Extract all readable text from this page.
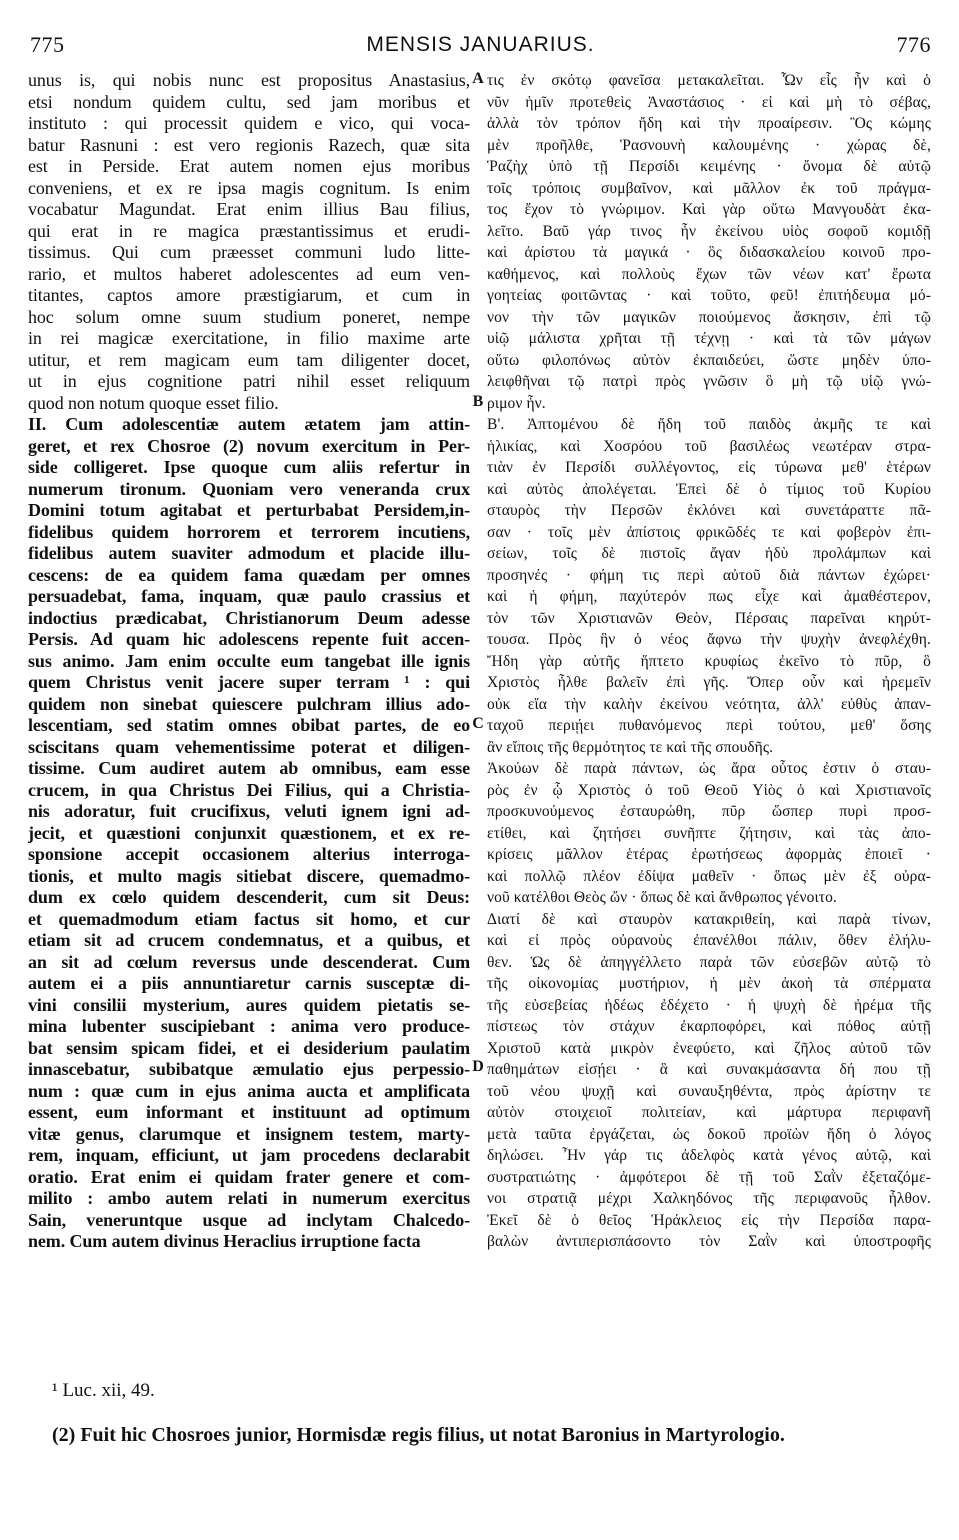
775	MENSIS JANUARIUS.	776
unus is, qui nobis nunc est propositus Anastasius,
etsi nondum quidem cultu, sed jam moribus et
instituto : qui processit quidem e vico, qui voca-
batur Rasnuni : est vero regionis Razech, quæ sita
est in Perside. Erat autem nomen ejus moribus
conveniens, et ex re ipsa magis cognitum. Is enim
vocabatur Magundat. Erat enim illius Bau filius,
qui erat in re magica præstantissimus et erudi-
tissimus. Qui cum præesset communi ludo litte-
rario, et multos haberet adolescentes ad eum ven-
titantes, captos amore præstigiarum, et cum in
hoc solum omne suum studium poneret, nempe
in rei magicæ exercitatione, in filio maxime arte
utitur, et rem magicam eum tam diligenter docet,
ut in ejus cognitione patri nihil esset reliquum
quod non notum quoque esset filio.
II. Cum adolescentiæ autem ætatem jam attin-
geret, et rex Chosroe (2) novum exercitum in Per-
side colligeret. Ipse quoque cum aliis refertur in
numerum tironum. Quoniam vero veneranda crux
Domini totum agitabat et perturbabat Persidem,in-
fidelibus quidem horrorem et terrorem incutiens,
fidelibus autem suaviter admodum et placide illu-
cescens: de ea quidem fama quædam per omnes
persuadebat, fama, inquam, quæ paulo crassius et
indoctius prædicabat, Christianorum Deum adesse
Persis. Ad quam hic adolescens repente fuit accen-
sus animo. Jam enim occulte eum tangebat ille ignis
quem Christus venit jacere super terram ¹ : qui
quidem non sinebat quiescere pulchram illius ado-
lescentiam, sed statim omnes obibat partes, de eo
sciscitans quam vehementissime poterat et diligen-
tissime. Cum audiret autem ab omnibus, eam esse
crucem, in qua Christus Dei Filius, qui a Christia-
nis adoratur, fuit crucifixus, veluti ignem igni ad-
jecit, et quæstioni conjunxit quæstionem, et ex re-
sponsione accepit occasionem alterius interroga-
tionis, et multo magis sitiebat discere, quemadmo-
dum ex cœlo quidem descenderit, cum sit Deus:
et quemadmodum etiam factus sit homo, et cur
etiam sit ad crucem condemnatus, et a quibus, et
an sit ad cœlum reversus unde descenderat. Cum
autem ei a piis annuntiaretur carnis susceptæ di-
vini consilii mysterium, aures quidem pietatis se-
mina lubenter suscipiebant : anima vero produce-
bat sensim spicam fidei, et ei desiderium paulatim
innascebatur, subibatque æmulatio ejus perpessio-
num : quæ cum in ejus anima aucta et amplificata
essent, eum informant et instituunt ad optimum
vitæ genus, clarumque et insignem testem, marty-
rem, inquam, efficiunt, ut jam procedens declarabit
oratio. Erat enim ei quidam frater genere et com-
milito : ambo autem relati in numerum exercitus
Sain, veneruntque usque ad inclytam Chalcedo-
nem. Cum autem divinus Heraclius irruptione facta
τις ἐν σκότῳ φανεῖσα μετακαλεῖται. Ὧν εἷς ἦν καὶ ὁ
νῦν ἡμῖν προτεθεὶς Ἀναστάσιος · εἰ καὶ μὴ τὸ σέβας,
ἀλλὰ τὸν τρόπον ἤδη καὶ τὴν προαίρεσιν. Ὃς κώμης
μὲν προῆλθε, Ῥασνουνὴ καλουμένης · χώρας δὲ,
Ῥαζὴχ ὑπὸ τῇ Περσίδι κειμένης · ὄνομα δὲ αὐτῷ
τοῖς τρόποις συμβαῖνον, καὶ μᾶλλον ἐκ τοῦ πράγμα-
τος ἔχον τὸ γνώριμον. Καὶ γὰρ οὕτω Μανγουδὰτ ἐκα-
λεῖτο. Βαῦ γάρ τινος ἦν ἐκείνου υἱὸς σοφοῦ κομιδῇ
καὶ ἀρίστου τὰ μαγικά · ὃς διδασκαλείου κοινοῦ προ-
καθήμενος, καὶ πολλοὺς ἔχων τῶν νέων κατ' ἔρωτα
γοητείας φοιτῶντας · καὶ τοῦτο, φεῦ! ἐπιτήδευμα μό-
νον τὴν τῶν μαγικῶν ποιούμενος ἄσκησιν, ἐπὶ τῷ
υἱῷ μάλιστα χρῆται τῇ τέχνῃ · καὶ τὰ τῶν μάγων
οὕτω φιλοπόνως αὐτὸν ἐκπαιδεύει, ὥστε μηδὲν ὑπο-
λειφθῆναι τῷ πατρὶ πρὸς γνῶσιν ὃ μὴ τῷ υἱῷ γνώ-
ριμον ἦν.
Β'. Ἀπτομένου δὲ ἤδη τοῦ παιδὸς ἀκμῆς τε καὶ
ἡλικίας, καὶ Χοσρόου τοῦ βασιλέως νεωτέραν στρα-
τιὰν ἐν Περσίδι συλλέγοντος, εἰς τύρωνα μεθ' ἑτέρων
καὶ αὐτὸς ἀπολέγεται. Ἐπεὶ δὲ ὁ τίμιος τοῦ Κυρίου
σταυρὸς τὴν Περσῶν ἐκλόνει καὶ συνετάραττε πᾶ-
σαν · τοῖς μὲν ἀπίστοις φρικῶδές τε καὶ φοβερὸν ἐπι-
σείων, τοῖς δὲ πιστοῖς ἄγαν ἡδὺ προλάμπων καὶ
προσηνές · φήμη τις περὶ αὐτοῦ διὰ πάντων ἐχώρει·
καὶ ἡ φήμη, παχύτερόν πως εἶχε καὶ ἀμαθέστερον,
τὸν τῶν Χριστιανῶν Θεὸν, Πέρσαις παρεῖναι κηρύτ-
τουσα. Πρὸς ἣν ὁ νέος ἄφνω τὴν ψυχὴν ἀνεφλέχθη.
Ἤδη γὰρ αὐτῆς ἥπτετο κρυφίως ἐκεῖνο τὸ πῦρ, ὃ
Χριστὸς ἦλθε βαλεῖν ἐπὶ γῆς. Ὅπερ οὖν καὶ ἠρεμεῖν
οὐκ εἴα τὴν καλὴν ἐκείνου νεότητα, ἀλλ' εὐθὺς ἀπαν-
ταχοῦ περιῄει πυθανόμενος περὶ τούτου, μεθ' ὅσης
ἂν εἴποις τῆς θερμότητος τε καὶ τῆς σπουδῆς.
Ἀκούων δὲ παρὰ πάντων, ὡς ἄρα οὗτος ἐστιν ὁ σταυ-
ρὸς ἐν ᾧ Χριστὸς ὁ τοῦ Θεοῦ Υἱὸς ὁ καὶ Χριστιανοῖς
προσκυνούμενος ἐσταυρώθη, πῦρ ὥσπερ πυρὶ προσ-
ετίθει, καὶ ζητήσει συνῆπτε ζήτησιν, καὶ τὰς ἀπο-
κρίσεις μᾶλλον ἑτέρας ἐρωτήσεως ἀφορμὰς ἐποιεῖ ·
καὶ πολλῷ πλέον ἐδίψα μαθεῖν · ὅπως μὲν ἐξ οὐρα-
νοῦ κατέλθοι Θεὸς ὤν · ὅπως δὲ καὶ ἄνθρωπος γένοιτο.
Διατί δὲ καὶ σταυρὸν κατακριθείη, καὶ παρὰ τίνων,
καὶ εἰ πρὸς οὐρανοὺς ἐπανέλθοι πάλιν, ὅθεν ἐλήλυ-
θεν. Ὡς δὲ ἀπηγγέλλετο παρὰ τῶν εὐσεβῶν αὐτῷ τὸ
τῆς οἰκονομίας μυστήριον, ἡ μὲν ἀκοὴ τὰ σπέρματα
τῆς εὐσεβείας ἡδέως ἐδέχετο · ἡ ψυχὴ δὲ ἠρέμα τῆς
πίστεως τὸν στάχυν ἐκαρποφόρει, καὶ πόθος αὐτῇ
Χριστοῦ κατὰ μικρὸν ἐνεφύετο, καὶ ζῆλος αὐτοῦ τῶν
παθημάτων εἰσῄει · ἃ καὶ συνακμάσαντα δή που τῇ
τοῦ νέου ψυχῇ καὶ συναυξηθέντα, πρὸς ἀρίστην τε
αὐτὸν στοιχειοῖ πολιτείαν, καὶ μάρτυρα περιφανῆ
μετὰ ταῦτα ἐργάζεται, ὡς δοκοῦ προϊὼν ἤδη ὁ λόγος
δηλώσει. Ἦν γάρ τις ἀδελφὸς κατὰ γένος αὐτῷ, καὶ
συστρατιώτης · ἀμφότεροι δὲ τῇ τοῦ Σαῒν ἐξεταζόμε-
νοι στρατιᾷ μέχρι Χαλκηδόνος τῆς περιφανοῦς ἦλθον.
Ἐκεῖ δὲ ὁ θεῖος Ἡράκλειος εἰς τὴν Περσίδα παρα-
βαλὼν ἀντιπερισπάσοντο τὸν Σαῒν καὶ ὑποστροφῆς
A
B
C
D
¹ Luc. xii, 49.
(2) Fuit hic Chosroes junior, Hormisdæ regis filius, ut notat Baronius in Martyrologio.
